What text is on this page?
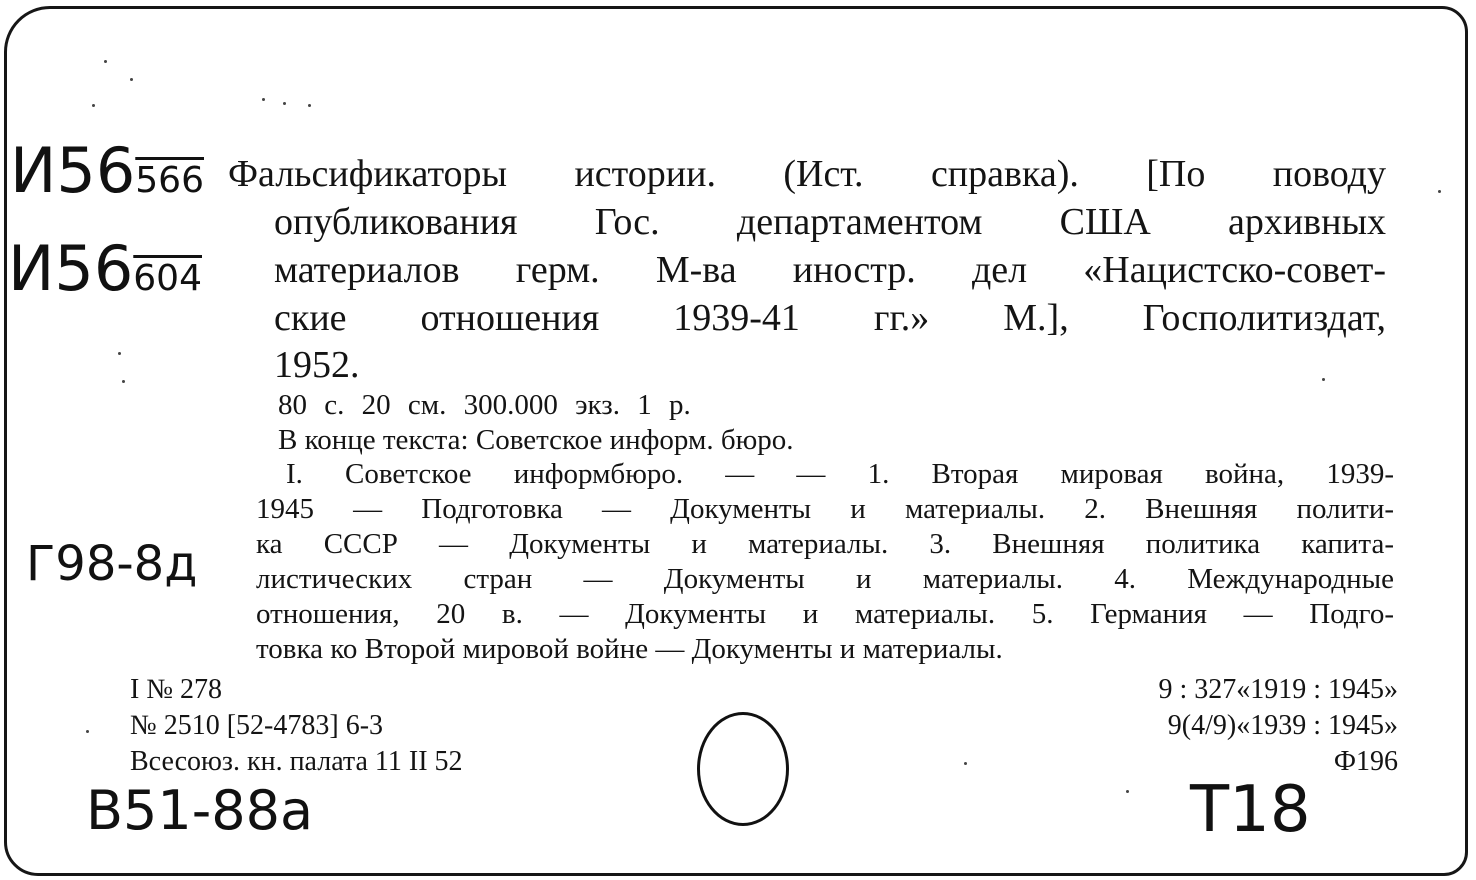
И56566
И56604
Г98-8д
B51-88а	T18
Фальсификаторы истории. (Ист. справка). [По поводу
опубликования Гос. департаментом США архивных
материалов герм. М-ва иностр. дел «Нацистско-совет-
ские отношения 1939-41 гг.» М.], Госполитиздат,
1952.
80 с. 20 см. 300.000 экз. 1 р.
В конце текста: Советское информ. бюро.
I. Советское информбюро. — — 1. Вторая мировая война, 1939-
1945 — Подготовка — Документы и материалы. 2. Внешняя полити-
ка СССР — Документы и материалы. 3. Внешняя политика капита-
листических стран — Документы и материалы. 4. Международные
отношения, 20 в. — Документы и материалы. 5. Германия — Подго-
товка ко Второй мировой войне — Документы и материалы.
I № 278
№ 2510 [52-4783] 6-3
Всесоюз. кн. палата 11 II 52
9 : 327«1919 : 1945»
9(4/9)«1939 : 1945»
Ф196
